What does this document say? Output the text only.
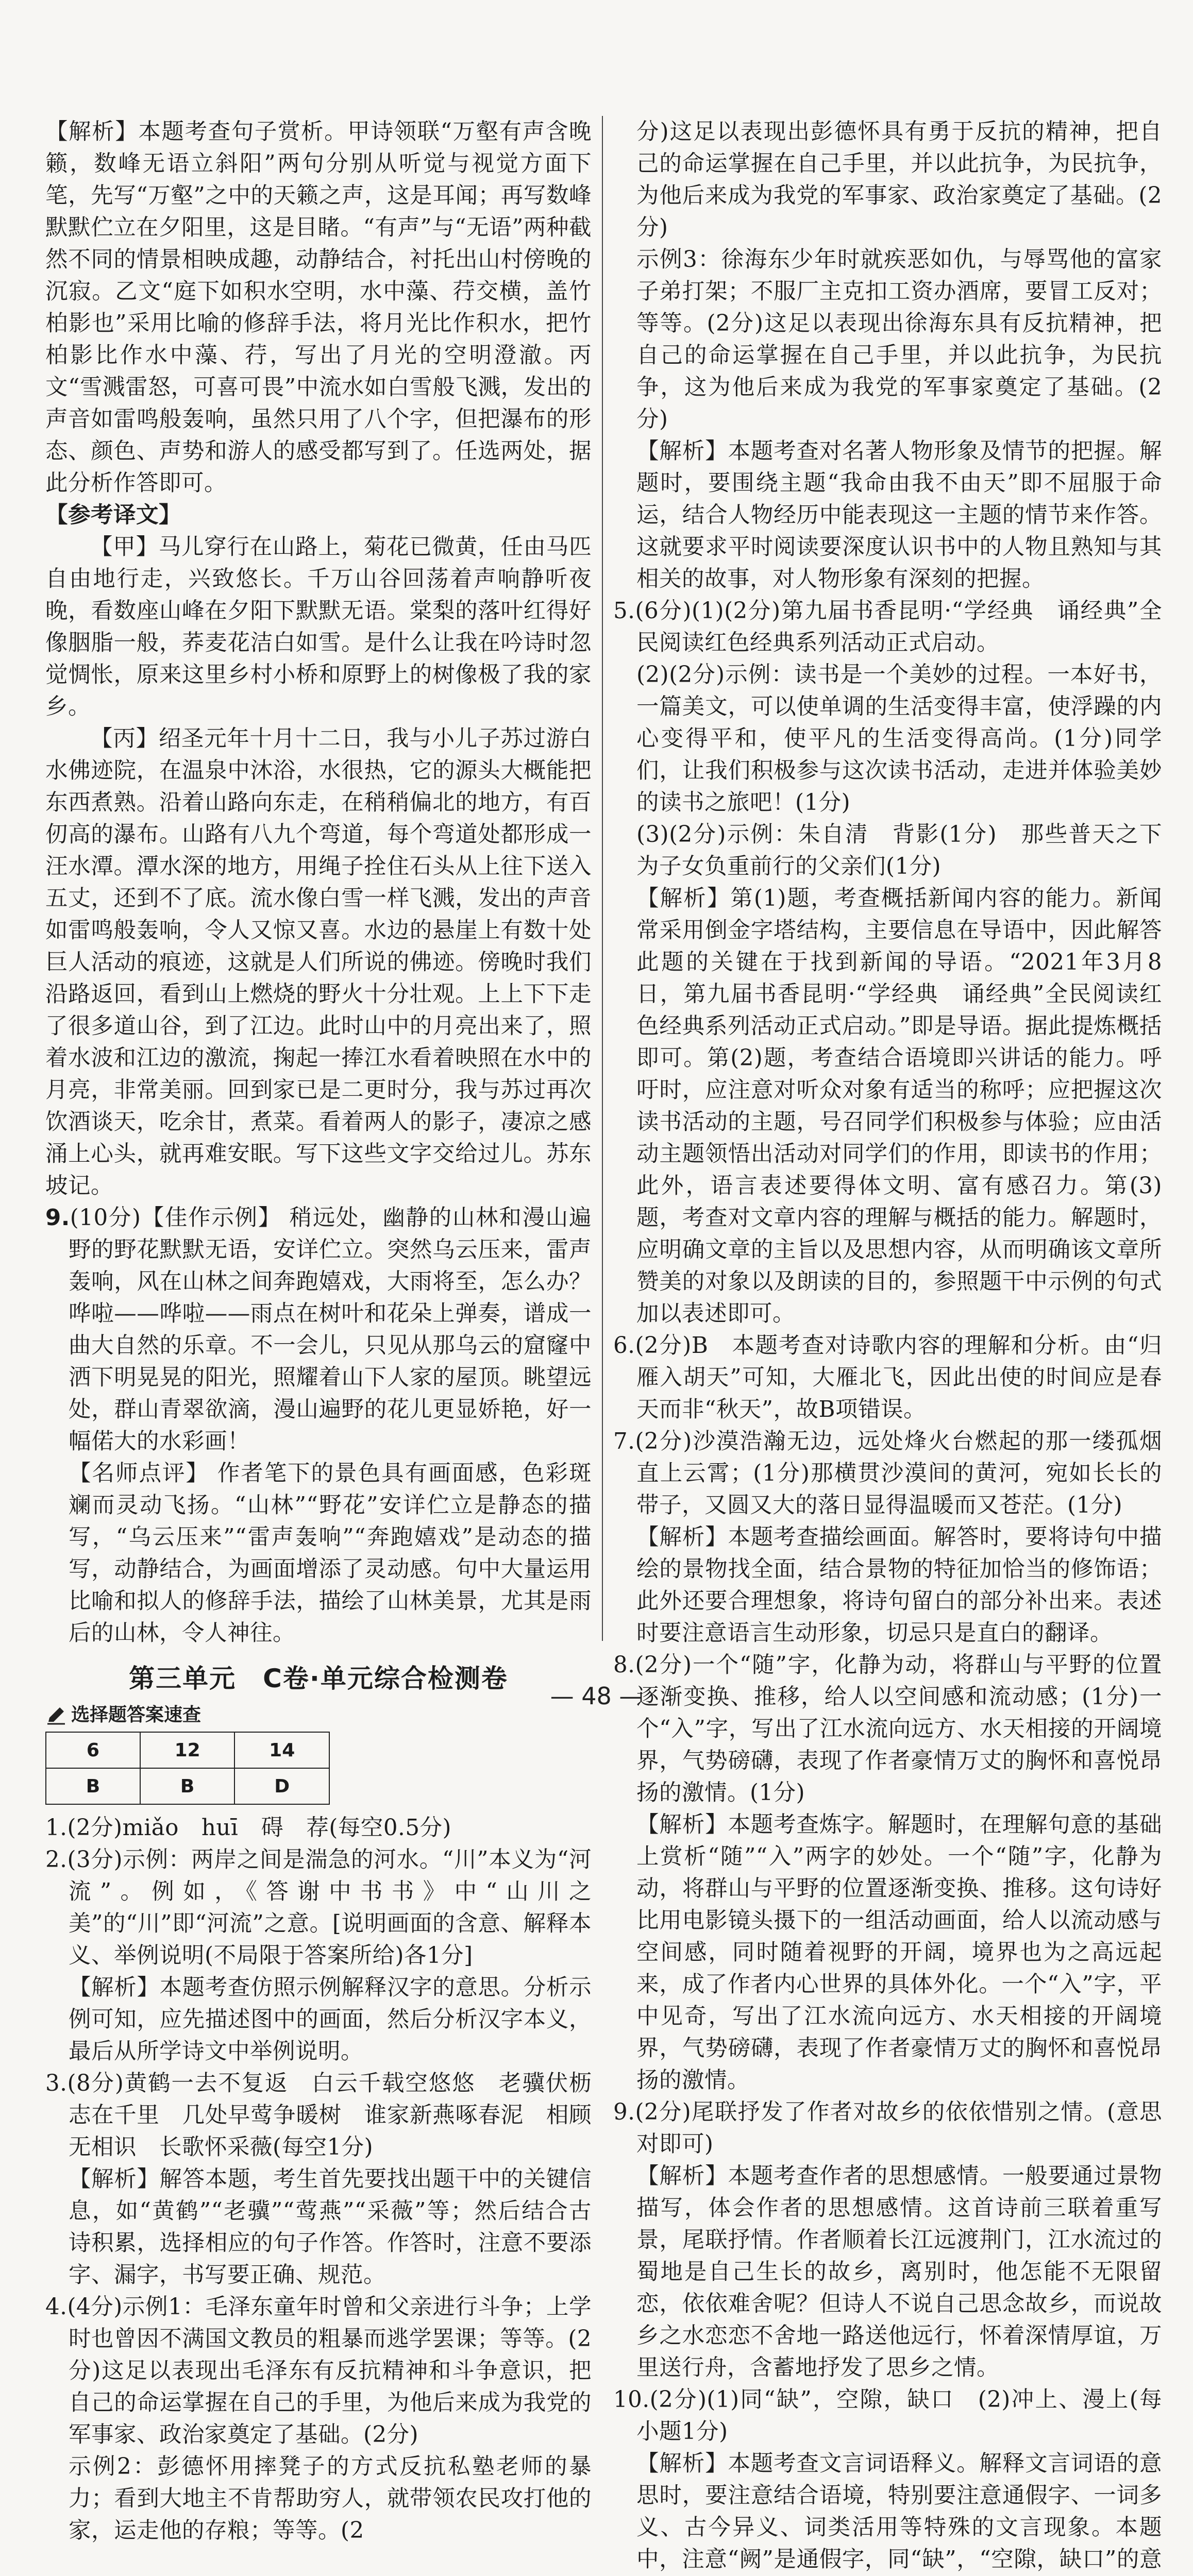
【解析】本题考查句子赏析。甲诗领联“万壑有声含晚籁，数峰无语立斜阳”两句分别从听觉与视觉方面下笔，先写“万壑”之中的天籁之声，这是耳闻；再写数峰默默伫立在夕阳里，这是目睹。“有声”与“无语”两种截然不同的情景相映成趣，动静结合，衬托出山村傍晚的沉寂。乙文“庭下如积水空明，水中藻、荇交横，盖竹柏影也”采用比喻的修辞手法，将月光比作积水，把竹柏影比作水中藻、荇，写出了月光的空明澄澈。丙文“雪溅雷怒，可喜可畏”中流水如白雪般飞溅，发出的声音如雷鸣般轰响，虽然只用了八个字，但把瀑布的形态、颜色、声势和游人的感受都写到了。任选两处，据此分析作答即可。

【参考译文】

【甲】马儿穿行在山路上，菊花已微黄，任由马匹自由地行走，兴致悠长。千万山谷回荡着声响静听夜晚，看数座山峰在夕阳下默默无语。棠梨的落叶红得好像胭脂一般，荞麦花洁白如雪。是什么让我在吟诗时忽觉惆怅，原来这里乡村小桥和原野上的树像极了我的家乡。

【丙】绍圣元年十月十二日，我与小儿子苏过游白水佛迹院，在温泉中沐浴，水很热，它的源头大概能把东西煮熟。沿着山路向东走，在稍稍偏北的地方，有百仞高的瀑布。山路有八九个弯道，每个弯道处都形成一汪水潭。潭水深的地方，用绳子拴住石头从上往下送入五丈，还到不了底。流水像白雪一样飞溅，发出的声音如雷鸣般轰响，令人又惊又喜。水边的悬崖上有数十处巨人活动的痕迹，这就是人们所说的佛迹。傍晚时我们沿路返回，看到山上燃烧的野火十分壮观。上上下下走了很多道山谷，到了江边。此时山中的月亮出来了，照着水波和江边的激流，掬起一捧江水看着映照在水中的月亮，非常美丽。回到家已是二更时分，我与苏过再次饮酒谈天，吃余甘，煮菜。看着两人的影子，凄凉之感涌上心头，就再难安眠。写下这些文字交给过儿。苏东坡记。

9.(10分)【佳作示例】 稍远处，幽静的山林和漫山遍野的野花默默无语，安详伫立。突然乌云压来，雷声轰响，风在山林之间奔跑嬉戏，大雨将至，怎么办？哗啦——哗啦——雨点在树叶和花朵上弹奏，谱成一曲大自然的乐章。不一会儿，只见从那乌云的窟窿中洒下明晃晃的阳光，照耀着山下人家的屋顶。眺望远处，群山青翠欲滴，漫山遍野的花儿更显娇艳，好一幅偌大的水彩画！

【名师点评】 作者笔下的景色具有画面感，色彩斑斓而灵动飞扬。“山林”“野花”安详伫立是静态的描写，“乌云压来”“雷声轰响”“奔跑嬉戏”是动态的描写，动静结合，为画面增添了灵动感。句中大量运用比喻和拟人的修辞手法，描绘了山林美景，尤其是雨后的山林，令人神往。

第三单元　C卷·单元综合检测卷
选择题答案速查
6	12	14
B	B	D

1.(2分)miǎo　huī　碍　荐(每空0.5分)

2.(3分)示例：两岸之间是湍急的河水。“川”本义为“河流”。例如，《答谢中书书》中“山川之美”的“川”即“河流”之意。[说明画面的含意、解释本义、举例说明(不局限于答案所给)各1分]

【解析】本题考查仿照示例解释汉字的意思。分析示例可知，应先描述图中的画面，然后分析汉字本义，最后从所学诗文中举例说明。

3.(8分)黄鹤一去不复返　白云千载空悠悠　老骥伏枥　志在千里　几处早莺争暖树　谁家新燕啄春泥　相顾无相识　长歌怀采薇(每空1分)

【解析】解答本题，考生首先要找出题干中的关键信息，如“黄鹤”“老骥”“莺燕”“采薇”等；然后结合古诗积累，选择相应的句子作答。作答时，注意不要添字、漏字，书写要正确、规范。

4.(4分)示例1：毛泽东童年时曾和父亲进行斗争；上学时也曾因不满国文教员的粗暴而逃学罢课；等等。(2分)这足以表现出毛泽东有反抗精神和斗争意识，把自己的命运掌握在自己的手里，为他后来成为我党的军事家、政治家奠定了基础。(2分)

示例2：彭德怀用摔凳子的方式反抗私塾老师的暴力；看到大地主不肯帮助穷人，就带领农民攻打他的家，运走他的存粮；等等。(2

分)这足以表现出彭德怀具有勇于反抗的精神，把自己的命运掌握在自己手里，并以此抗争，为民抗争，为他后来成为我党的军事家、政治家奠定了基础。(2分)

示例3：徐海东少年时就疾恶如仇，与辱骂他的富家子弟打架；不服厂主克扣工资办酒席，要冒工反对；等等。(2分)这足以表现出徐海东具有反抗精神，把自己的命运掌握在自己手里，并以此抗争，为民抗争，这为他后来成为我党的军事家奠定了基础。(2分)

【解析】本题考查对名著人物形象及情节的把握。解题时，要围绕主题“我命由我不由天”即不屈服于命运，结合人物经历中能表现这一主题的情节来作答。这就要求平时阅读要深度认识书中的人物且熟知与其相关的故事，对人物形象有深刻的把握。

5.(6分)(1)(2分)第九届书香昆明·“学经典　诵经典”全民阅读红色经典系列活动正式启动。

(2)(2分)示例：读书是一个美妙的过程。一本好书，一篇美文，可以使单调的生活变得丰富，使浮躁的内心变得平和，使平凡的生活变得高尚。(1分)同学们，让我们积极参与这次读书活动，走进并体验美妙的读书之旅吧！(1分)

(3)(2分)示例：朱自清　背影(1分)　那些普天之下为子女负重前行的父亲们(1分)

【解析】第(1)题，考查概括新闻内容的能力。新闻常采用倒金字塔结构，主要信息在导语中，因此解答此题的关键在于找到新闻的导语。“2021年3月8日，第九届书香昆明·“学经典　诵经典”全民阅读红色经典系列活动正式启动。”即是导语。据此提炼概括即可。第(2)题，考查结合语境即兴讲话的能力。呼吁时，应注意对听众对象有适当的称呼；应把握这次读书活动的主题，号召同学们积极参与体验；应由活动主题领悟出活动对同学们的作用，即读书的作用；此外，语言表述要得体文明、富有感召力。第(3)题，考查对文章内容的理解与概括的能力。解题时，应明确文章的主旨以及思想内容，从而明确该文章所赞美的对象以及朗读的目的，参照题干中示例的句式加以表述即可。

6.(2分)B　本题考查对诗歌内容的理解和分析。由“归雁入胡天”可知，大雁北飞，因此出使的时间应是春天而非“秋天”，故B项错误。

7.(2分)沙漠浩瀚无边，远处烽火台燃起的那一缕孤烟直上云霄；(1分)那横贯沙漠间的黄河，宛如长长的带子，又圆又大的落日显得温暖而又苍茫。(1分)

【解析】本题考查描绘画面。解答时，要将诗句中描绘的景物找全面，结合景物的特征加恰当的修饰语；此外还要合理想象，将诗句留白的部分补出来。表述时要注意语言生动形象，切忌只是直白的翻译。

8.(2分)一个“随”字，化静为动，将群山与平野的位置逐渐变换、推移，给人以空间感和流动感；(1分)一个“入”字，写出了江水流向远方、水天相接的开阔境界，气势磅礴，表现了作者豪情万丈的胸怀和喜悦昂扬的激情。(1分)

【解析】本题考查炼字。解题时，在理解句意的基础上赏析“随”“入”两字的妙处。一个“随”字，化静为动，将群山与平野的位置逐渐变换、推移。这句诗好比用电影镜头摄下的一组活动画面，给人以流动感与空间感，同时随着视野的开阔，境界也为之高远起来，成了作者内心世界的具体外化。一个“入”字，平中见奇，写出了江水流向远方、水天相接的开阔境界，气势磅礴，表现了作者豪情万丈的胸怀和喜悦昂扬的激情。

9.(2分)尾联抒发了作者对故乡的依依惜别之情。(意思对即可)

【解析】本题考查作者的思想感情。一般要通过景物描写，体会作者的思想感情。这首诗前三联着重写景，尾联抒情。作者顺着长江远渡荆门，江水流过的蜀地是自己生长的故乡，离别时，他怎能不无限留恋，依依难舍呢？但诗人不说自己思念故乡，而说故乡之水恋恋不舍地一路送他远行，怀着深情厚谊，万里送行舟，含蓄地抒发了思乡之情。

10.(2分)(1)同“缺”，空隙，缺口　(2)冲上、漫上(每小题1分)

【解析】本题考查文言词语释义。解释文言词语的意思时，要注意结合语境，特别要注意通假字、一词多义、古今异义、词类活用等特殊的文言现象。本题中，注意“阙”是通假字，同“缺”，“空隙，缺口”的意

— 48 —
